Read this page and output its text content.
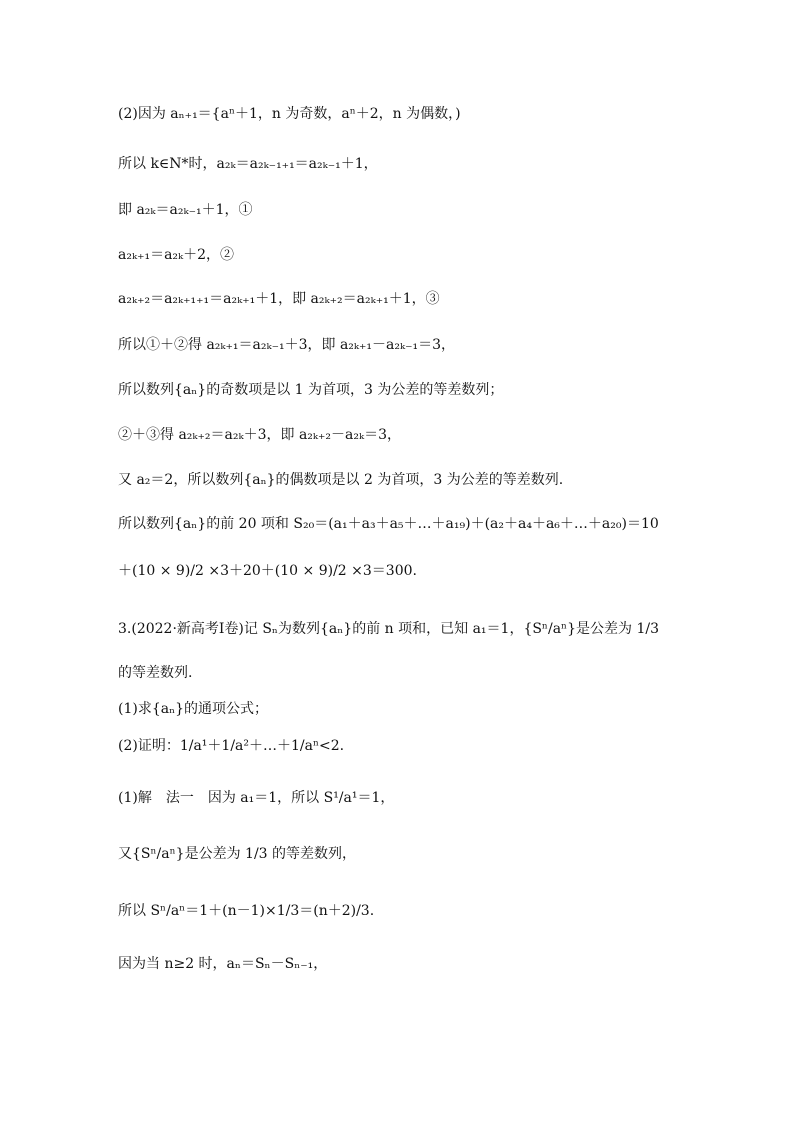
(2)因为 aₙ₊₁＝{aⁿ＋1，n 为奇数，aⁿ＋2，n 为偶数，)
所以 k∈N*时，a₂ₖ＝a₂ₖ₋₁₊₁＝a₂ₖ₋₁＋1，
即 a₂ₖ＝a₂ₖ₋₁＋1，①
a₂ₖ₊₁＝a₂ₖ＋2，②
a₂ₖ₊₂＝a₂ₖ₊₁₊₁＝a₂ₖ₊₁＋1，即 a₂ₖ₊₂＝a₂ₖ₊₁＋1，③
所以①＋②得 a₂ₖ₊₁＝a₂ₖ₋₁＋3，即 a₂ₖ₊₁－a₂ₖ₋₁＝3，
所以数列{aₙ}的奇数项是以 1 为首项，3 为公差的等差数列；
②＋③得 a₂ₖ₊₂＝a₂ₖ＋3，即 a₂ₖ₊₂－a₂ₖ＝3，
又 a₂＝2，所以数列{aₙ}的偶数项是以 2 为首项，3 为公差的等差数列.
所以数列{aₙ}的前 20 项和 S₂₀＝(a₁＋a₃＋a₅＋…＋a₁₉)＋(a₂＋a₄＋a₆＋…＋a₂₀)＝10
＋(10 × 9)/2 ×3＋20＋(10 × 9)/2 ×3＝300.
3.(2022·新高考Ⅰ卷)记 Sₙ为数列{aₙ}的前 n 项和，已知 a₁＝1，{Sⁿ/aⁿ}是公差为 1/3
的等差数列.
(1)求{aₙ}的通项公式；
(2)证明：1/a¹＋1/a²＋…＋1/aⁿ<2.
(1)解　法一　因为 a₁＝1，所以 S¹/a¹＝1，
又{Sⁿ/aⁿ}是公差为 1/3 的等差数列，
所以 Sⁿ/aⁿ＝1＋(n－1)×1/3＝(n＋2)/3.
因为当 n≥2 时，aₙ＝Sₙ－Sₙ₋₁，
